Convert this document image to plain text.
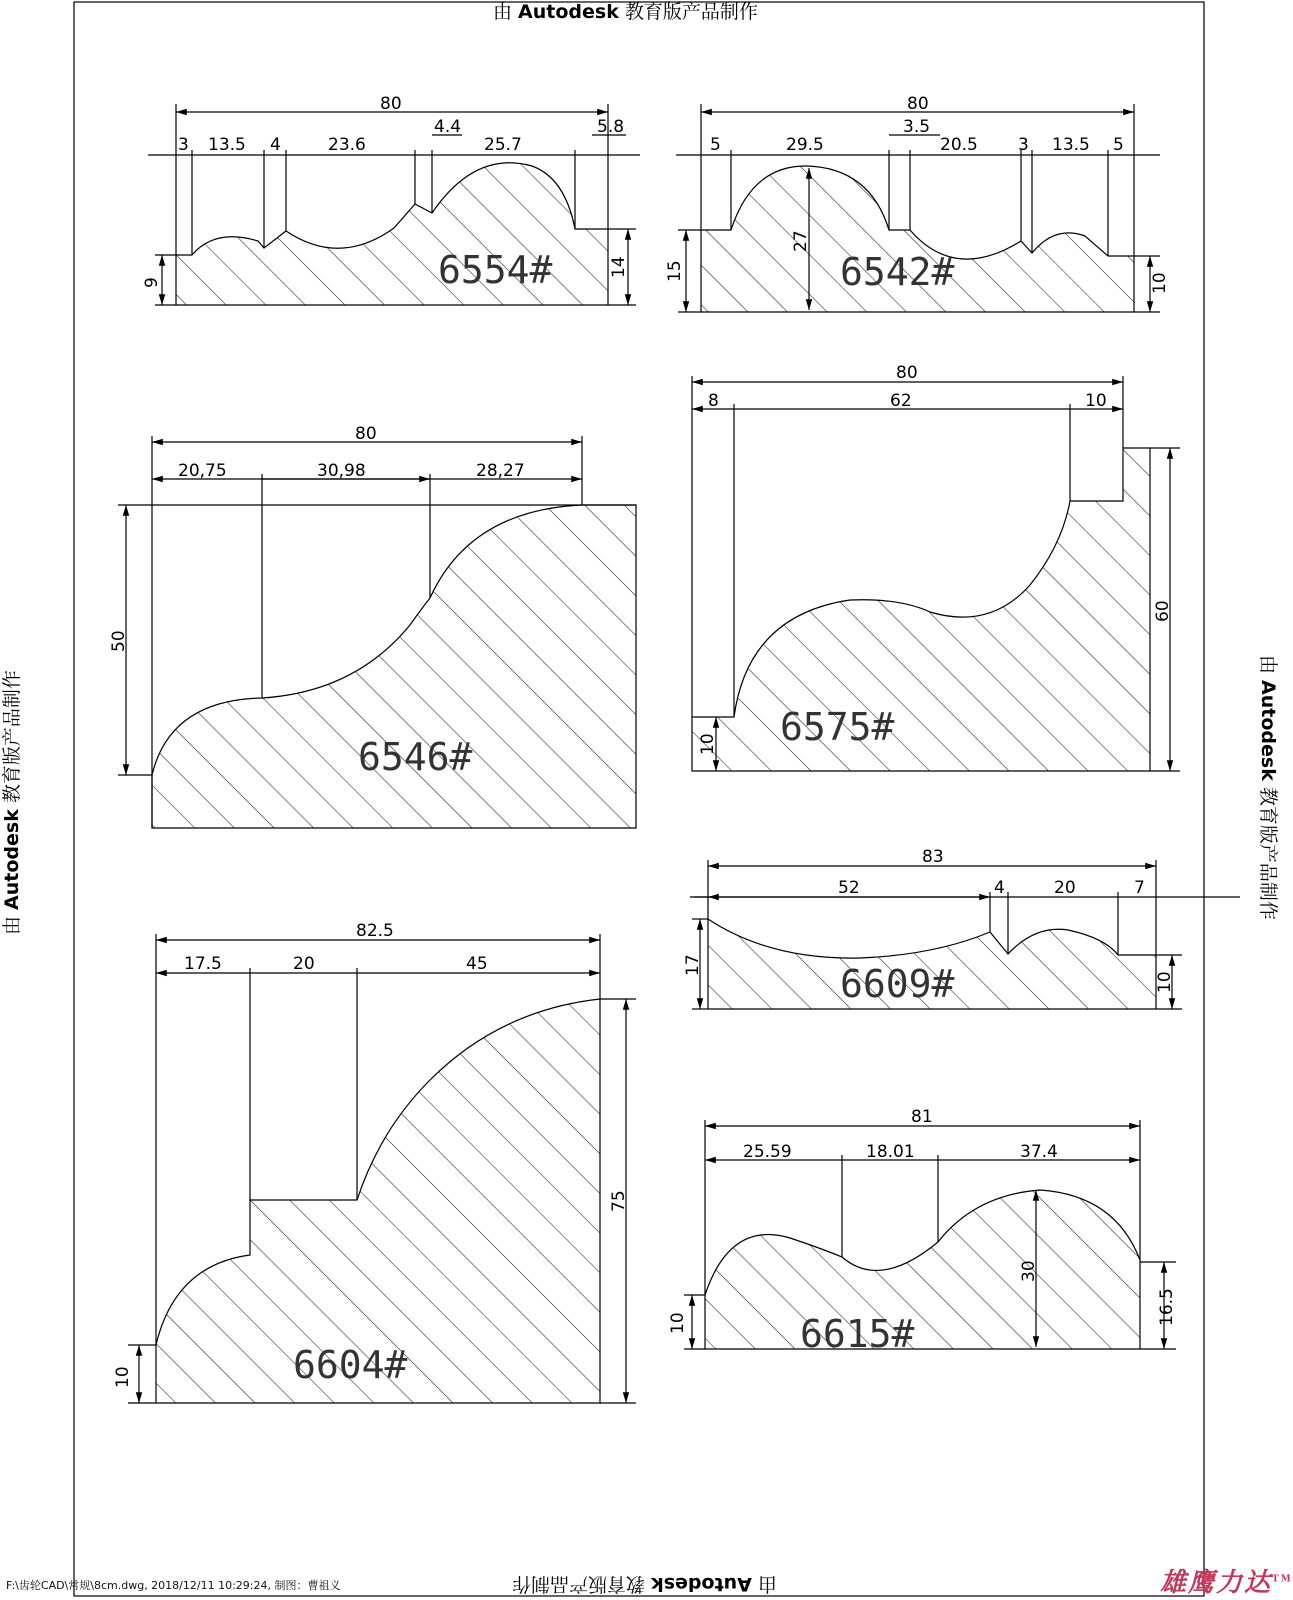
6554#
80
3 13.5 4	23.6
4.4
25.7
5.8
9
14	6542#
80
5	29.5
3.5
20.5 3 13.5 5
15
27
10
6546#
80
20,75	30,98	28,27
50
6575#
80
8	62	10
60
10
6609#
83
52	4	20	7
17
10
6604#
82.5
17.5	20	45
75
10
6615#
81
25.59	18.01	37.4
30
10	16.5
由 Autodesk 教育版产品制作
由 Autodesk 教育版产品制作
由 Autodesk 教育版产品制作
由 Autodesk 教育版产品制作
F:\齿轮CAD\常规\8cm.dwg, 2018/12/11 10:29:24, 制图：曹祖义	雄鹰力达™
